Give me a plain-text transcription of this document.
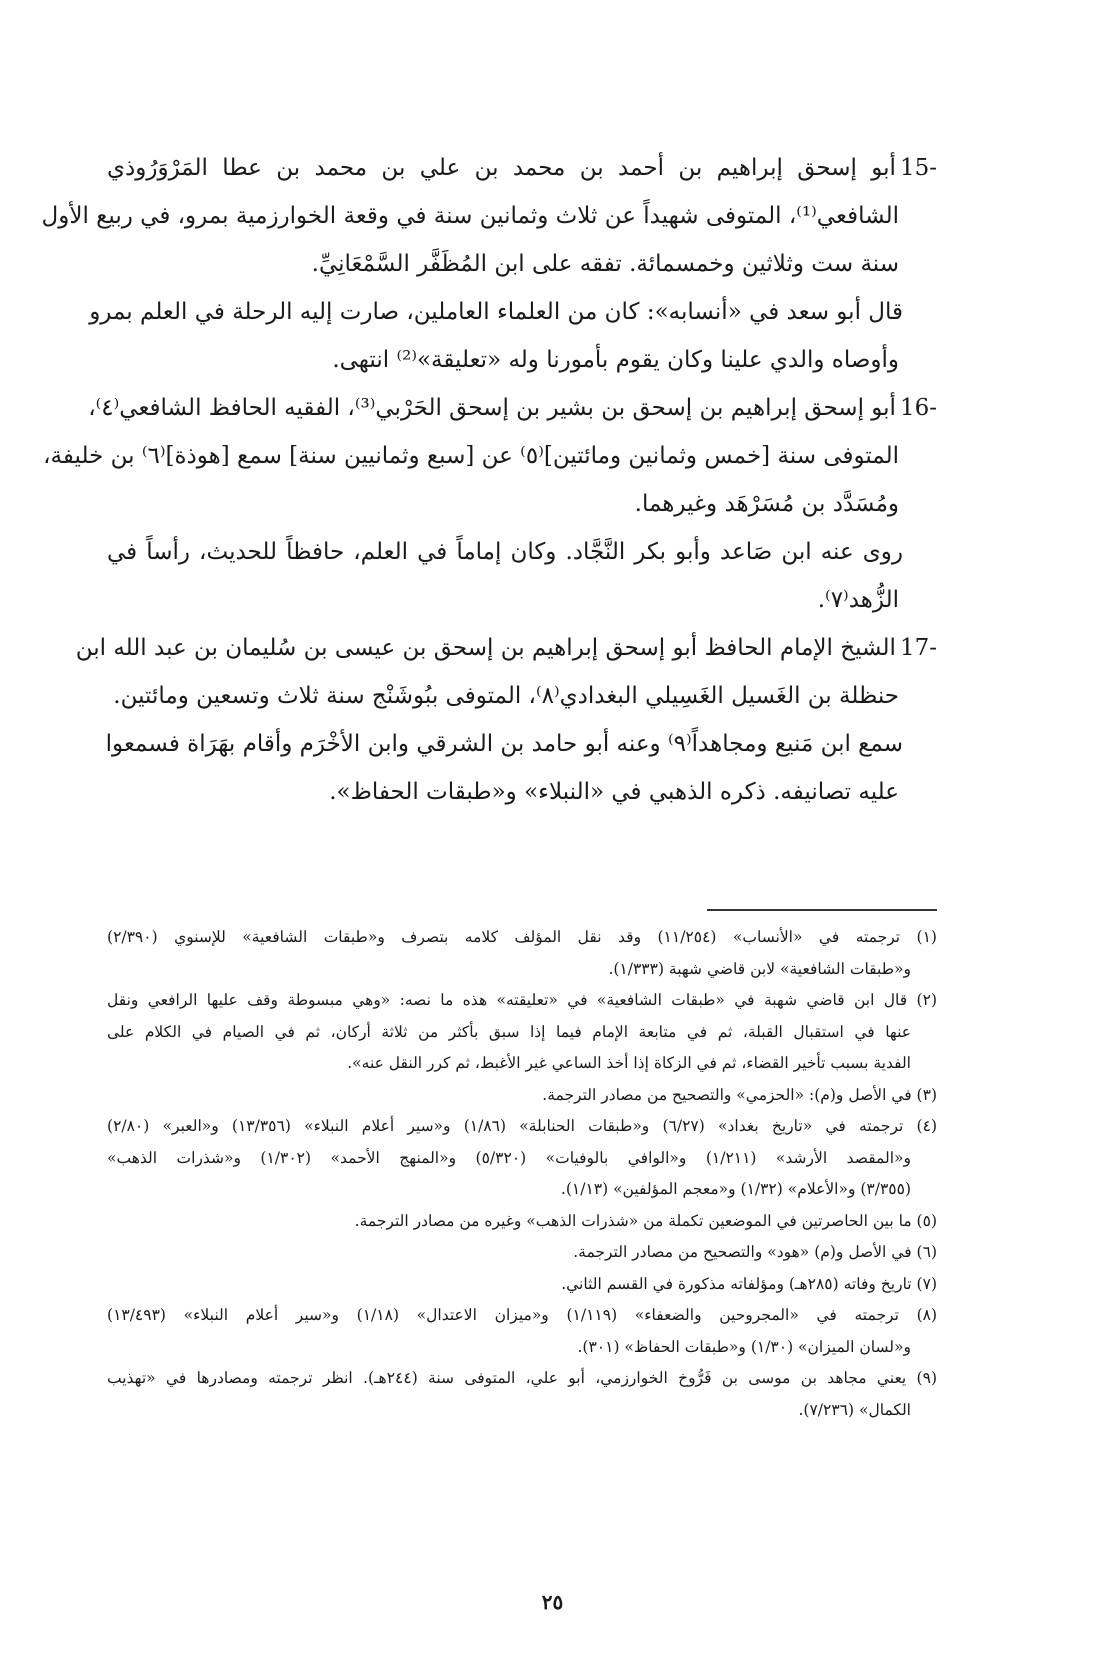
15-أبو إسحق إبراهيم بن أحمد بن محمد بن علي بن محمد بن عطا المَرْوَرُوذي
الشافعي⁽¹⁾، المتوفى شهيداً عن ثلاث وثمانين سنة في وقعة الخوارزمية بمرو، في ربيع الأول
سنة ست وثلاثين وخمسمائة. تفقه على ابن المُظَفَّر السَّمْعَانِيِّ.
قال أبو سعد في «أنسابه»: كان من العلماء العاملين، صارت إليه الرحلة في العلم بمرو
وأوصاه والدي علينا وكان يقوم بأمورنا وله «تعليقة»⁽²⁾ انتهى.
16-أبو إسحق إبراهيم بن إسحق بن بشير بن إسحق الحَرْبي⁽³⁾، الفقيه الحافظ الشافعي⁽٤⁾،
المتوفى سنة [خمس وثمانين ومائتين]⁽٥⁾ عن [سبع وثمانيين سنة] سمع [هوذة]⁽٦⁾ بن خليفة،
ومُسَدَّد بن مُسَرْهَد وغيرهما.
روى عنه ابن صَاعد وأبو بكر النَّجَّاد. وكان إماماً في العلم، حافظاً للحديث، رأساً في
الزُّهد⁽٧⁾.
17-الشيخ الإمام الحافظ أبو إسحق إبراهيم بن إسحق بن عيسى بن سُليمان بن عبد الله ابن
حنظلة بن الغَسيل الغَسِيلي البغدادي⁽٨⁾، المتوفى ببُوشَنْج سنة ثلاث وتسعين ومائتين.
سمع ابن مَنيع ومجاهداً⁽٩⁾ وعنه أبو حامد بن الشرقي وابن الأخْرَم وأقام بهَرَاة فسمعوا
عليه تصانيفه. ذكره الذهبي في «النبلاء» و«طبقات الحفاظ».
(١) ترجمته في «الأنساب» (١١/٢٥٤) وقد نقل المؤلف كلامه بتصرف و«طبقات الشافعية» للإسنوي (٢/٣٩٠)
و«طبقات الشافعية» لابن قاضي شهبة (١/٣٣٣).
(٢) قال ابن قاضي شهبة في «طبقات الشافعية» في «تعليقته» هذه ما نصه: «وهي مبسوطة وقف عليها الرافعي ونقل
عنها في استقبال القبلة، ثم في متابعة الإمام فيما إذا سبق بأكثر من ثلاثة أركان، ثم في الصيام في الكلام على
الفدية بسبب تأخير القضاء، ثم في الزكاة إذا أخذ الساعي غير الأغبط، ثم كرر النقل عنه».
(٣) في الأصل و(م): «الحزمي» والتصحيح من مصادر الترجمة.
(٤) ترجمته في «تاريخ بغداد» (٦/٢٧) و«طبقات الحنابلة» (١/٨٦) و«سير أعلام النبلاء» (١٣/٣٥٦) و«العبر» (٢/٨٠)
و«المقصد الأرشد» (١/٢١١) و«الوافي بالوفيات» (٥/٣٢٠) و«المنهج الأحمد» (١/٣٠٢) و«شذرات الذهب»
(٣/٣٥٥) و«الأعلام» (١/٣٢) و«معجم المؤلفين» (١/١٣).
(٥) ما بين الحاصرتين في الموضعين تكملة من «شذرات الذهب» وغيره من مصادر الترجمة.
(٦) في الأصل و(م) «هود» والتصحيح من مصادر الترجمة.
(٧) تاريخ وفاته (٢٨٥هـ) ومؤلفاته مذكورة في القسم الثاني.
(٨) ترجمته في «المجروحين والضعفاء» (١/١١٩) و«ميزان الاعتدال» (١/١٨) و«سير أعلام النبلاء» (١٣/٤٩٣)
و«لسان الميزان» (١/٣٠) و«طبقات الحفاظ» (٣٠١).
(٩) يعني مجاهد بن موسى بن فَرُّوخ الخوارزمي، أبو علي، المتوفى سنة (٢٤٤هـ). انظر ترجمته ومصادرها في «تهذيب
الكمال» (٧/٢٣٦).
٢٥
